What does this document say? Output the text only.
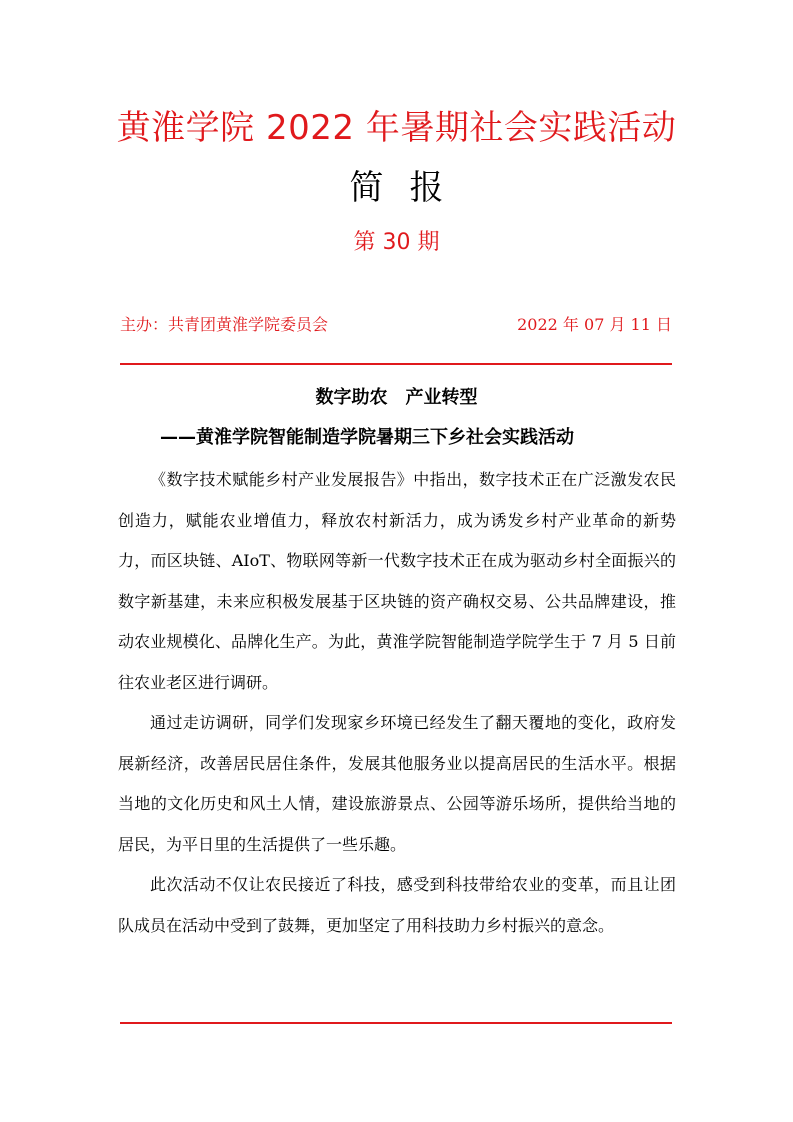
黄淮学院 2022 年暑期社会实践活动
简报
第 30 期
主办：共青团黄淮学院委员会	2022 年 07 月 11 日
数字助农　产业转型
——黄淮学院智能制造学院暑期三下乡社会实践活动

《数字技术赋能乡村产业发展报告》中指出，数字技术正在广泛激发农民创造力，赋能农业增值力，释放农村新活力，成为诱发乡村产业革命的新势力，而区块链、AIoT、物联网等新一代数字技术正在成为驱动乡村全面振兴的数字新基建，未来应积极发展基于区块链的资产确权交易、公共品牌建设，推动农业规模化、品牌化生产。为此，黄淮学院智能制造学院学生于 7 月 5 日前往农业老区进行调研。

通过走访调研，同学们发现家乡环境已经发生了翻天覆地的变化，政府发展新经济，改善居民居住条件，发展其他服务业以提高居民的生活水平。根据当地的文化历史和风土人情，建设旅游景点、公园等游乐场所，提供给当地的居民，为平日里的生活提供了一些乐趣。

此次活动不仅让农民接近了科技，感受到科技带给农业的变革，而且让团队成员在活动中受到了鼓舞，更加坚定了用科技助力乡村振兴的意念。
